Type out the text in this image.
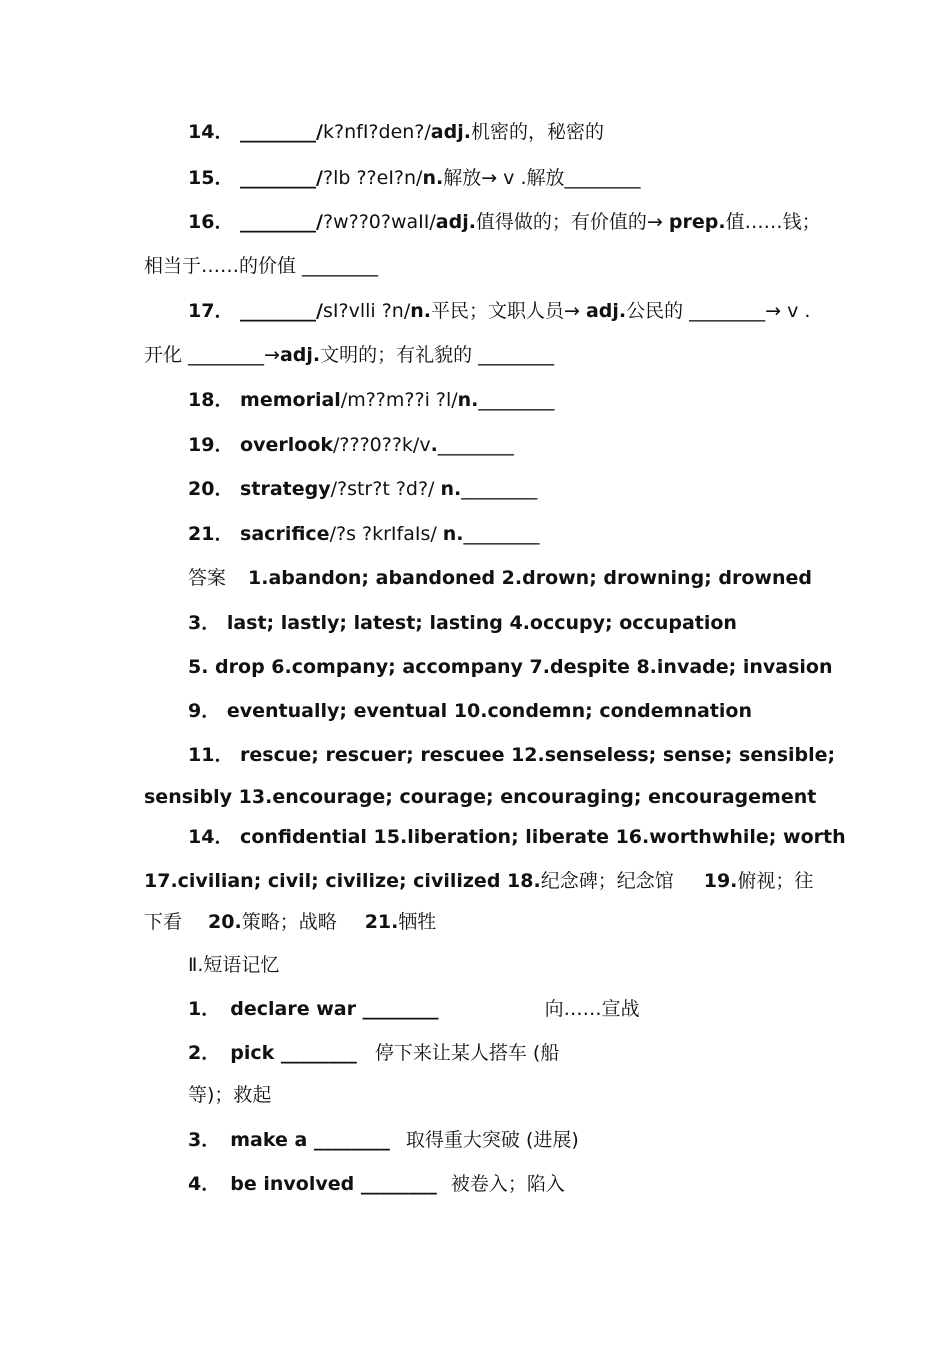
14． ________/k?nfI?den?/adj.机密的，秘密的
15． ________/?lb ??eI?n/n.解放→ v .解放________
16． ________/?w??0?waII/adj.值得做的；有价值的→ prep.值……钱；
相当于……的价值 ________
17． ________/sI?vlli ?n/n.平民；文职人员→ adj.公民的 ________→ v .
开化 ________→adj.文明的；有礼貌的 ________
18． memorial/m??m??i ?l/n.________
19． overlook/???0??k/v.________
20． strategy/?str?t ?d?/ n.________
21． sacrifice/?s ?krIfaIs/ n.________
答案 1.abandon; abandoned 2.drown; drowning; drowned
3． last; lastly; latest; lasting 4.occupy; occupation
5. drop 6.company; accompany 7.despite 8.invade; invasion
9． eventually; eventual 10.condemn; condemnation
11． rescue; rescuer; rescuee 12.senseless; sense; sensible;
sensibly 13.encourage; courage; encouraging; encouragement
14． confidential 15.liberation; liberate 16.worthwhile; worth
17.civilian; civil; civilize; civilized 18.纪念碑；纪念馆 19.俯视；往
下看 20.策略；战略 21.牺牲
Ⅱ.短语记忆
1． declare war ________	向……宣战
2． pick ________ 停下来让某人搭车 (船
等)；救起
3． make a ________ 取得重大突破 (进展)
4． be involved ________ 被卷入；陷入
